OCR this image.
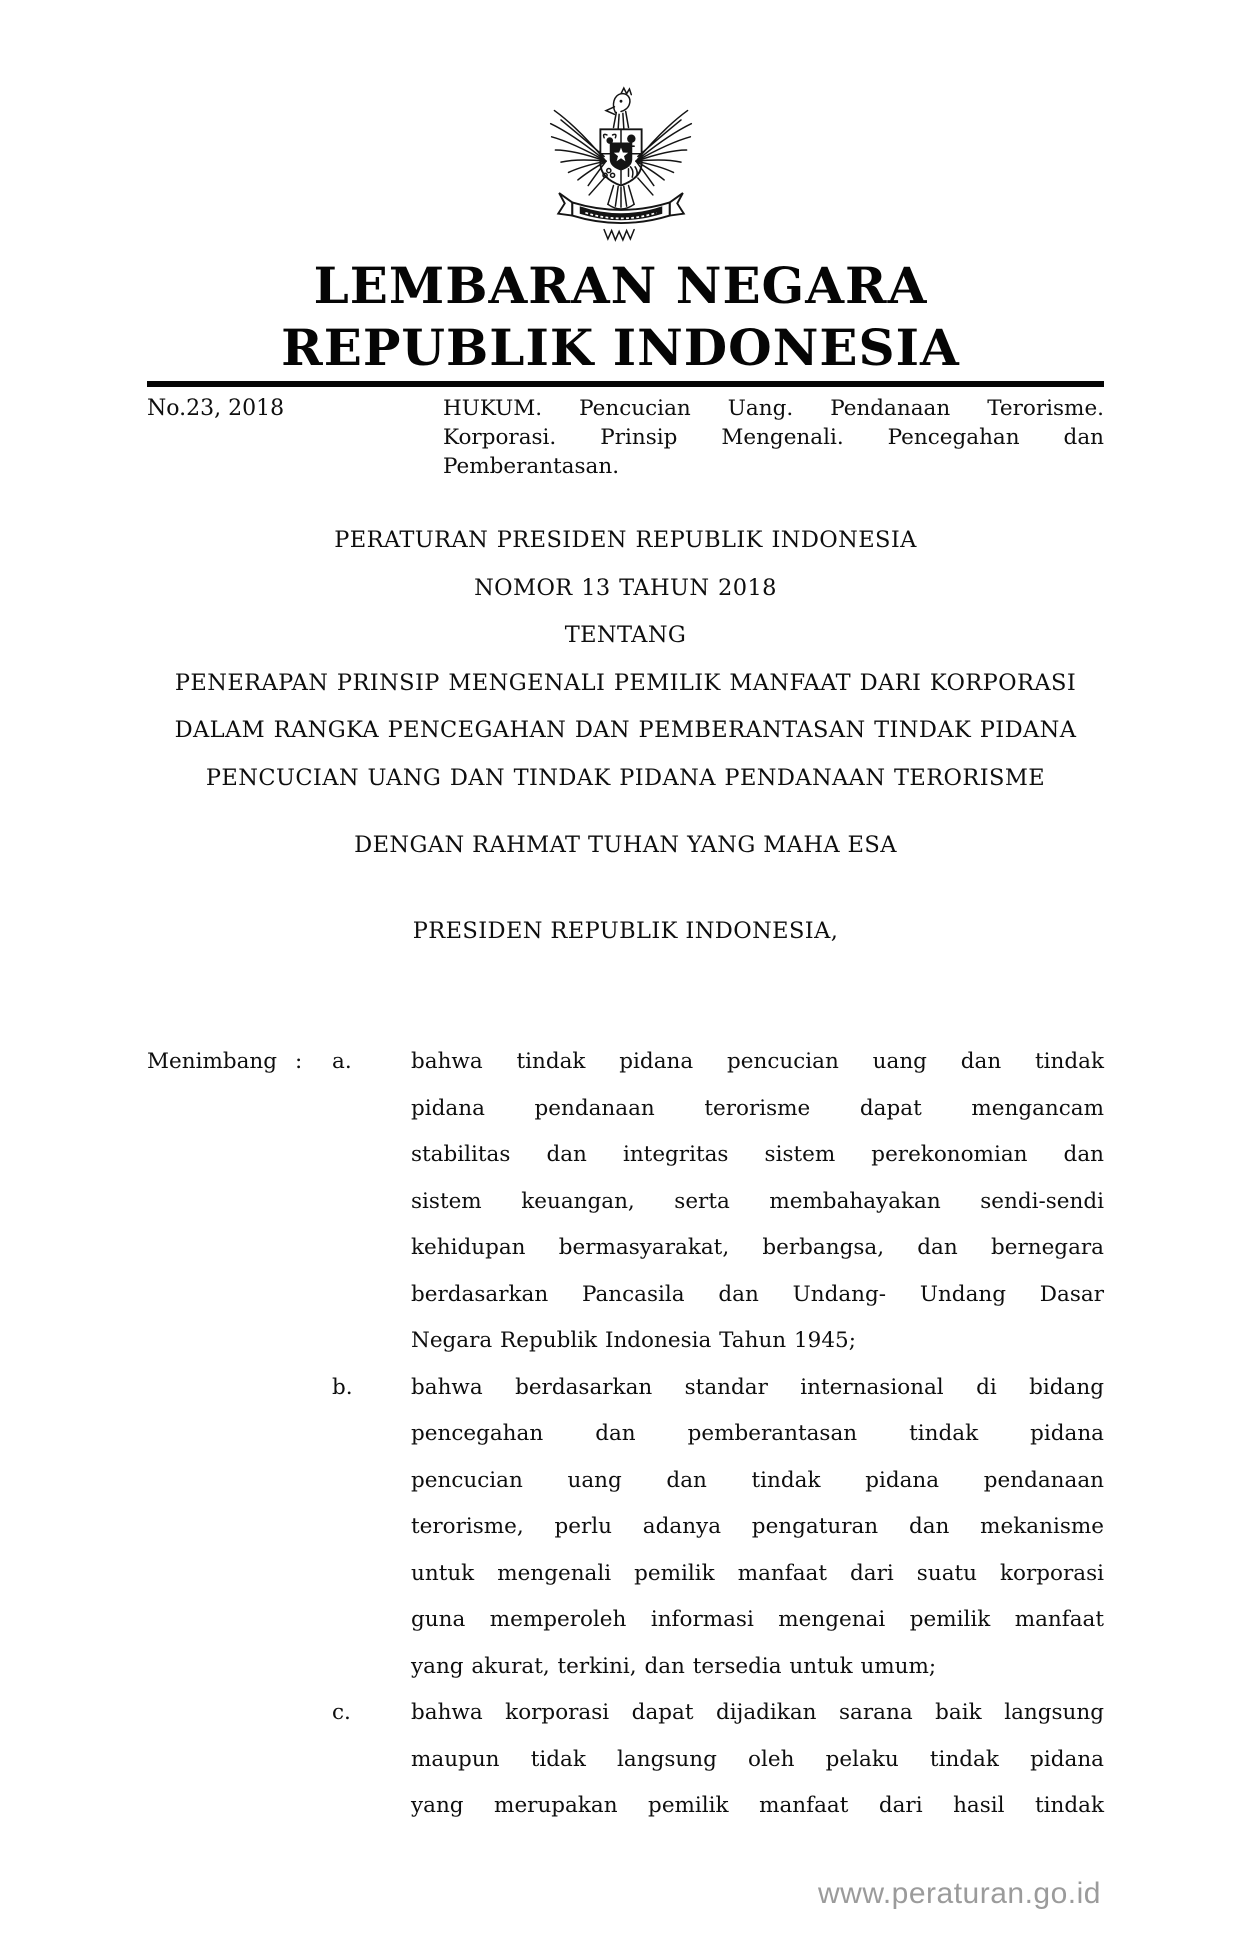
LEMBARAN NEGARA
REPUBLIK INDONESIA
No.23, 2018	HUKUM. Pencucian Uang. Pendanaan Terorisme.
Korporasi. Prinsip Mengenali. Pencegahan dan
Pemberantasan.
PERATURAN PRESIDEN REPUBLIK INDONESIA
NOMOR 13 TAHUN 2018
TENTANG
PENERAPAN PRINSIP MENGENALI PEMILIK MANFAAT DARI KORPORASI
DALAM RANGKA PENCEGAHAN DAN PEMBERANTASAN TINDAK PIDANA
PENCUCIAN UANG DAN TINDAK PIDANA PENDANAAN TERORISME
DENGAN RAHMAT TUHAN YANG MAHA ESA
PRESIDEN REPUBLIK INDONESIA,
Menimbang :	a.	bahwa tindak pidana pencucian uang dan tindak
pidana pendanaan terorisme dapat mengancam
stabilitas dan integritas sistem perekonomian dan
sistem keuangan, serta membahayakan sendi-sendi
kehidupan bermasyarakat, berbangsa, dan bernegara
berdasarkan Pancasila dan Undang- Undang Dasar
Negara Republik Indonesia Tahun 1945;
b.	bahwa berdasarkan standar internasional di bidang
pencegahan dan pemberantasan tindak pidana
pencucian uang dan tindak pidana pendanaan
terorisme, perlu adanya pengaturan dan mekanisme
untuk mengenali pemilik manfaat dari suatu korporasi
guna memperoleh informasi mengenai pemilik manfaat
yang akurat, terkini, dan tersedia untuk umum;
c.	bahwa korporasi dapat dijadikan sarana baik langsung
maupun tidak langsung oleh pelaku tindak pidana
yang merupakan pemilik manfaat dari hasil tindak
www.peraturan.go.id
